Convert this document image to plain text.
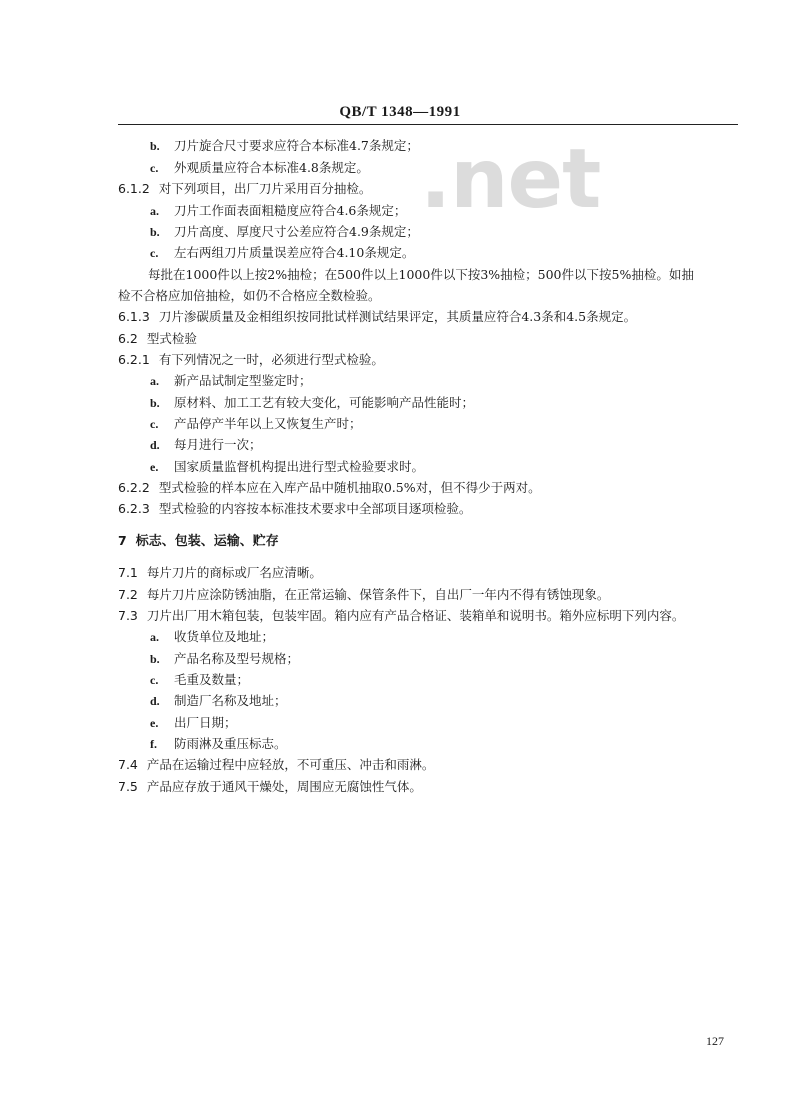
.net
QB/T 1348—1991
b. 刀片旋合尺寸要求应符合本标准4.7条规定；
c. 外观质量应符合本标准4.8条规定。
6.1.2 对下列项目，出厂刀片采用百分抽检。
a. 刀片工作面表面粗糙度应符合4.6条规定；
b. 刀片高度、厚度尺寸公差应符合4.9条规定；
c. 左右两组刀片质量误差应符合4.10条规定。
每批在1000件以上按2%抽检；在500件以上1000件以下按3%抽检；500件以下按5%抽检。如抽
检不合格应加倍抽检，如仍不合格应全数检验。
6.1.3 刀片渗碳质量及金相组织按同批试样测试结果评定，其质量应符合4.3条和4.5条规定。
6.2 型式检验
6.2.1 有下列情况之一时，必须进行型式检验。
a. 新产品试制定型鉴定时；
b. 原材料、加工工艺有较大变化，可能影响产品性能时；
c. 产品停产半年以上又恢复生产时；
d. 每月进行一次；
e. 国家质量监督机构提出进行型式检验要求时。
6.2.2 型式检验的样本应在入库产品中随机抽取0.5%对，但不得少于两对。
6.2.3 型式检验的内容按本标准技术要求中全部项目逐项检验。
7 标志、包装、运输、贮存
7.1 每片刀片的商标或厂名应清晰。
7.2 每片刀片应涂防锈油脂，在正常运输、保管条件下，自出厂一年内不得有锈蚀现象。
7.3 刀片出厂用木箱包装，包装牢固。箱内应有产品合格证、装箱单和说明书。箱外应标明下列内容。
a. 收货单位及地址；
b. 产品名称及型号规格；
c. 毛重及数量；
d. 制造厂名称及地址；
e. 出厂日期；
f. 防雨淋及重压标志。
7.4 产品在运输过程中应轻放，不可重压、冲击和雨淋。
7.5 产品应存放于通风干燥处，周围应无腐蚀性气体。
127
